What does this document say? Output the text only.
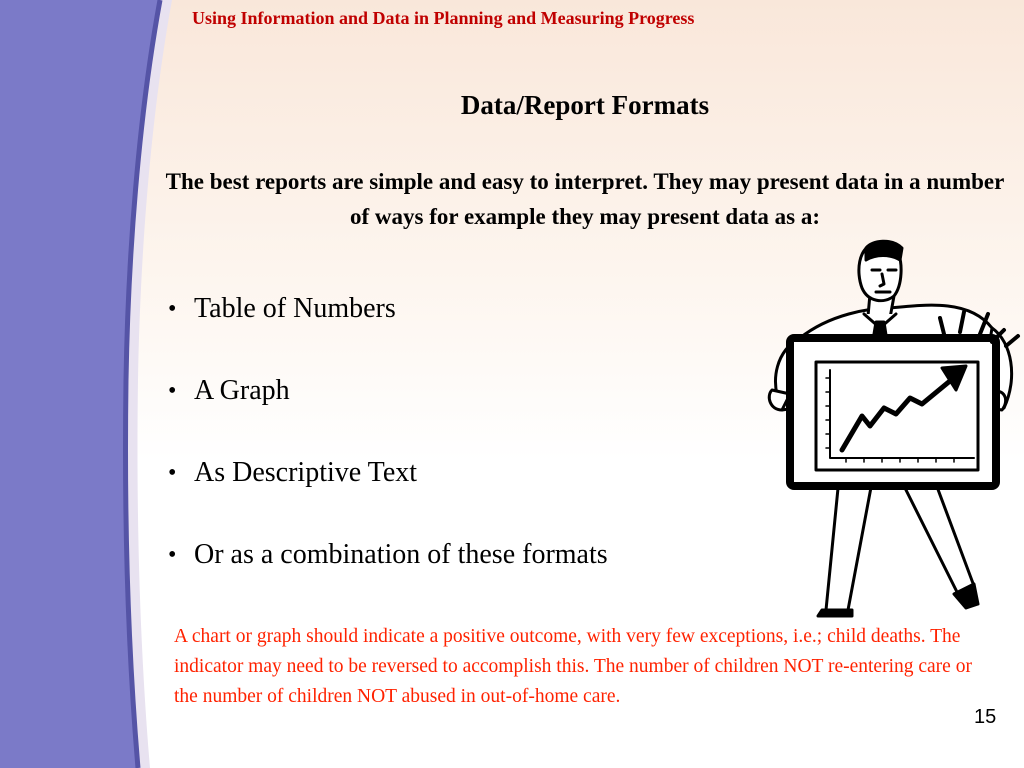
Using Information and Data in Planning and Measuring Progress
Data/Report Formats
The best reports are simple and easy to interpret. They may present data in a number of ways for example they may present data as a:
• Table of Numbers
• A Graph
• As Descriptive Text
• Or as a combination of these formats
A chart or graph should indicate a positive outcome, with very few exceptions, i.e.; child deaths. The indicator may need to be reversed to accomplish this. The number of children NOT re-entering care or the number of children NOT abused in out-of-home care.
15
